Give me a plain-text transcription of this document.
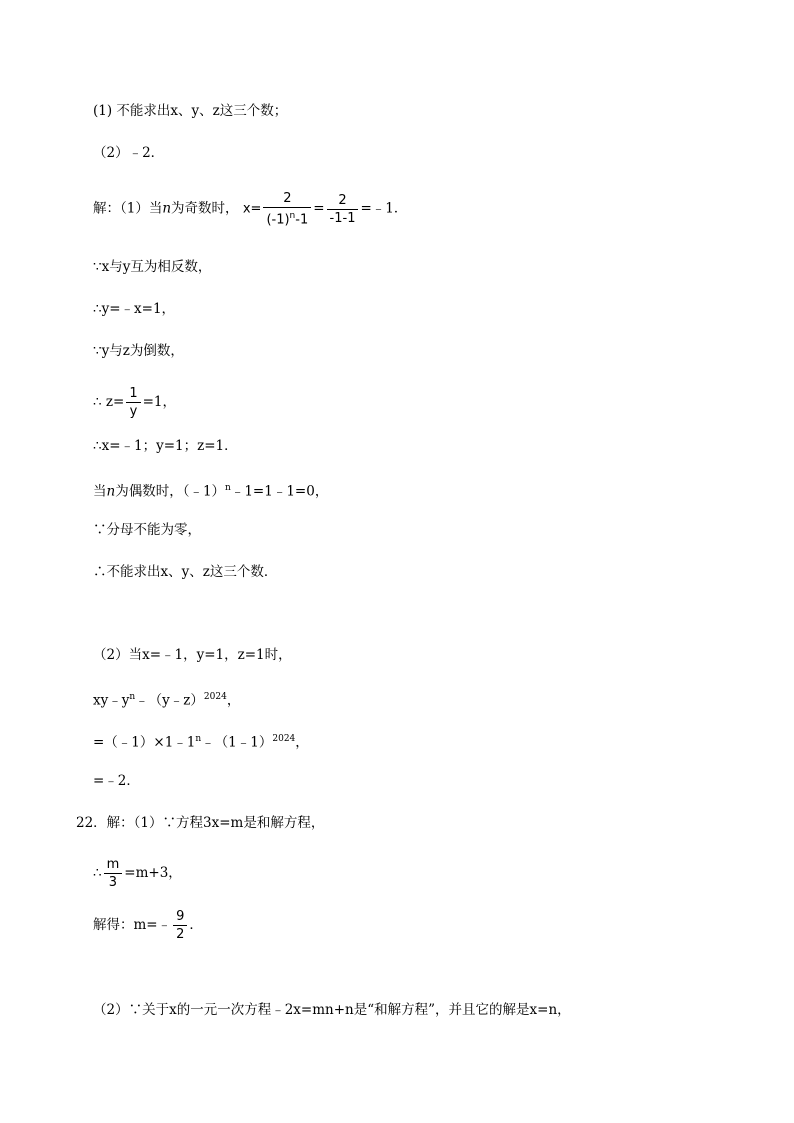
(1) 不能求出x、y、z这三个数；
（2）﹣2．
解：（1）当n为奇数时， $x= \frac{2}{(-1)^n-1} = \frac{2}{-1-1}$ =﹣1．
∵x与y互为相反数，
∴y=﹣x=1，
∵y与z为倒数，
∴ $z= \frac{1}{y} =1$，
∴x=﹣1；y=1；z=1．
当n为偶数时，（﹣1）$^n$﹣1=1﹣1=0，
∵分母不能为零，
∴不能求出x、y、z这三个数．
（2）当x=﹣1，y=1，z=1时，
$xy﹣y^n﹣(y﹣z)^{2024}$，
$=(﹣1)\times 1﹣1^n﹣(1﹣1)^{2024}$，
=﹣2．
22．解：（1）∵方程3x=m是和解方程，
∴ $\frac{m}{3} =m+3$，
解得：m=﹣ $\frac{9}{2}$ ．
（2）∵关于x的一元一次方程﹣2x=mn+n是“和解方程”，并且它的解是x=n，
